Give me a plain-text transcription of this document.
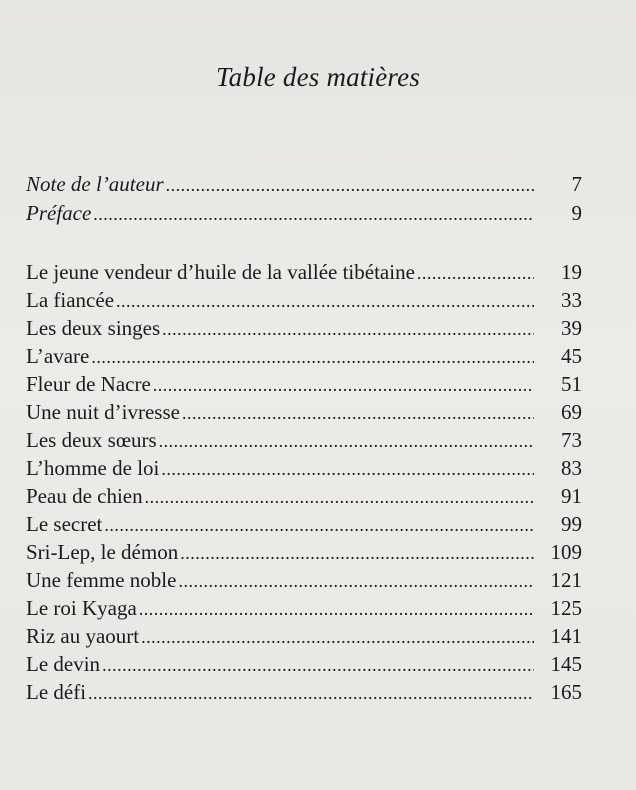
Table des matières
Note de l’auteur . . .	7
Préface . . .	9
Le jeune vendeur d’huile de la vallée tibétaine . . .	19
La fiancée . . .	33
Les deux singes . . .	39
L’avare . . .	45
Fleur de Nacre . . .	51
Une nuit d’ivresse . . .	69
Les deux sœurs . . .	73
L’homme de loi . . .	83
Peau de chien . . .	91
Le secret . . .	99
Sri-Lep, le démon . . .	109
Une femme noble . . .	121
Le roi Kyaga . . .	125
Riz au yaourt . . .	141
Le devin . . .	145
Le défi . . .	165
